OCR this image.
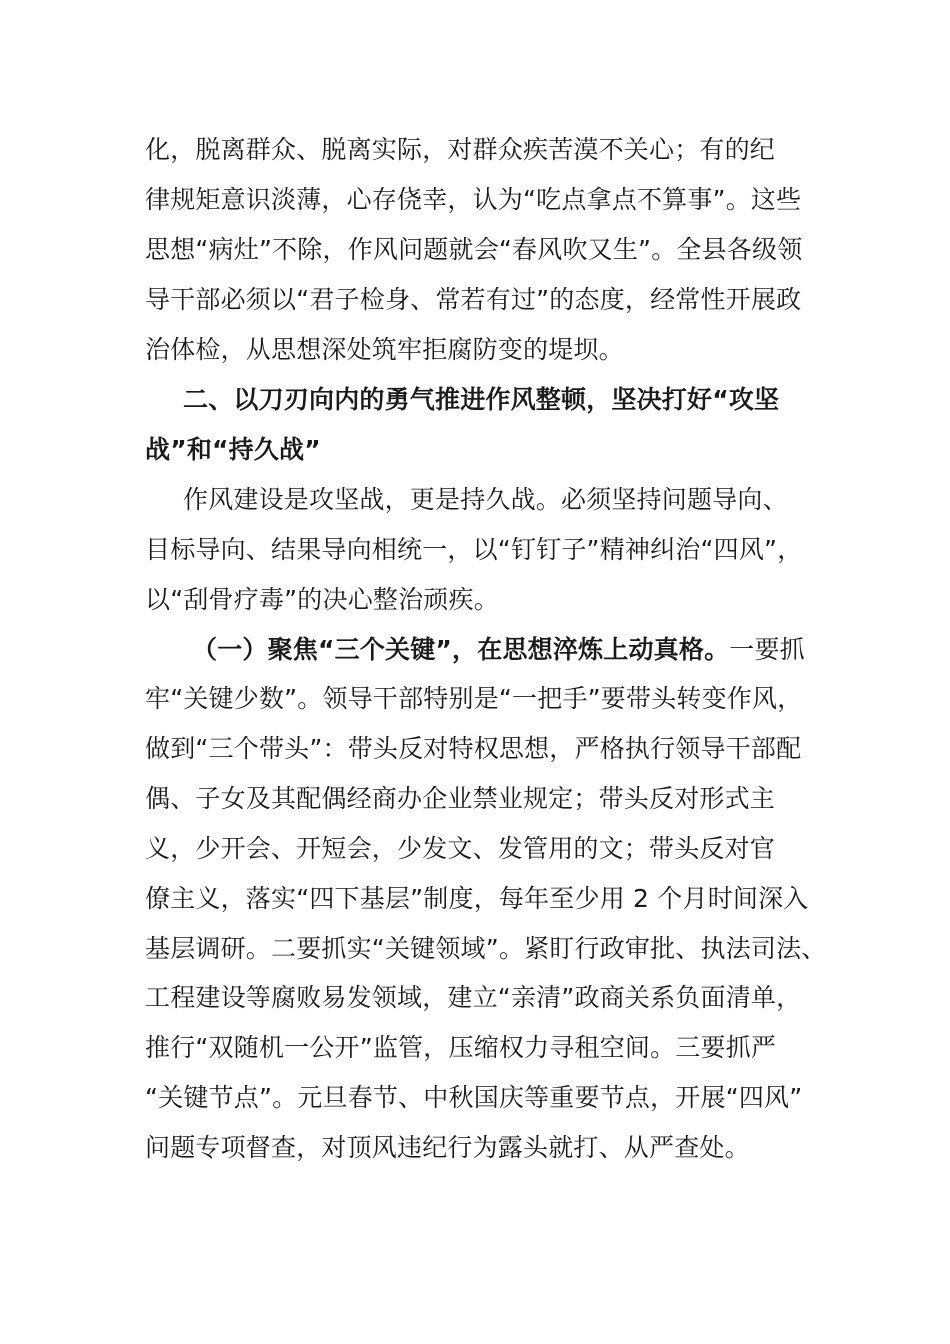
化，脱离群众、脱离实际，对群众疾苦漠不关心；有的纪
律规矩意识淡薄，心存侥幸，认为“吃点拿点不算事”。这些
思想“病灶”不除，作风问题就会“春风吹又生”。全县各级领
导干部必须以“君子检身、常若有过”的态度，经常性开展政
治体检，从思想深处筑牢拒腐防变的堤坝。
二、以刀刃向内的勇气推进作风整顿，坚决打好“攻坚
战”和“持久战”
作风建设是攻坚战，更是持久战。必须坚持问题导向、
目标导向、结果导向相统一，以“钉钉子”精神纠治“四风”，
以“刮骨疗毒”的决心整治顽疾。
（一）聚焦“三个关键”，在思想淬炼上动真格。一要抓
牢“关键少数”。领导干部特别是“一把手”要带头转变作风，
做到“三个带头”：带头反对特权思想，严格执行领导干部配
偶、子女及其配偶经商办企业禁业规定；带头反对形式主
义，少开会、开短会，少发文、发管用的文；带头反对官
僚主义，落实“四下基层”制度，每年至少用 2 个月时间深入
基层调研。二要抓实“关键领域”。紧盯行政审批、执法司法、
工程建设等腐败易发领域，建立“亲清”政商关系负面清单，
推行“双随机一公开”监管，压缩权力寻租空间。三要抓严
“关键节点”。元旦春节、中秋国庆等重要节点，开展“四风”
问题专项督查，对顶风违纪行为露头就打、从严查处。
